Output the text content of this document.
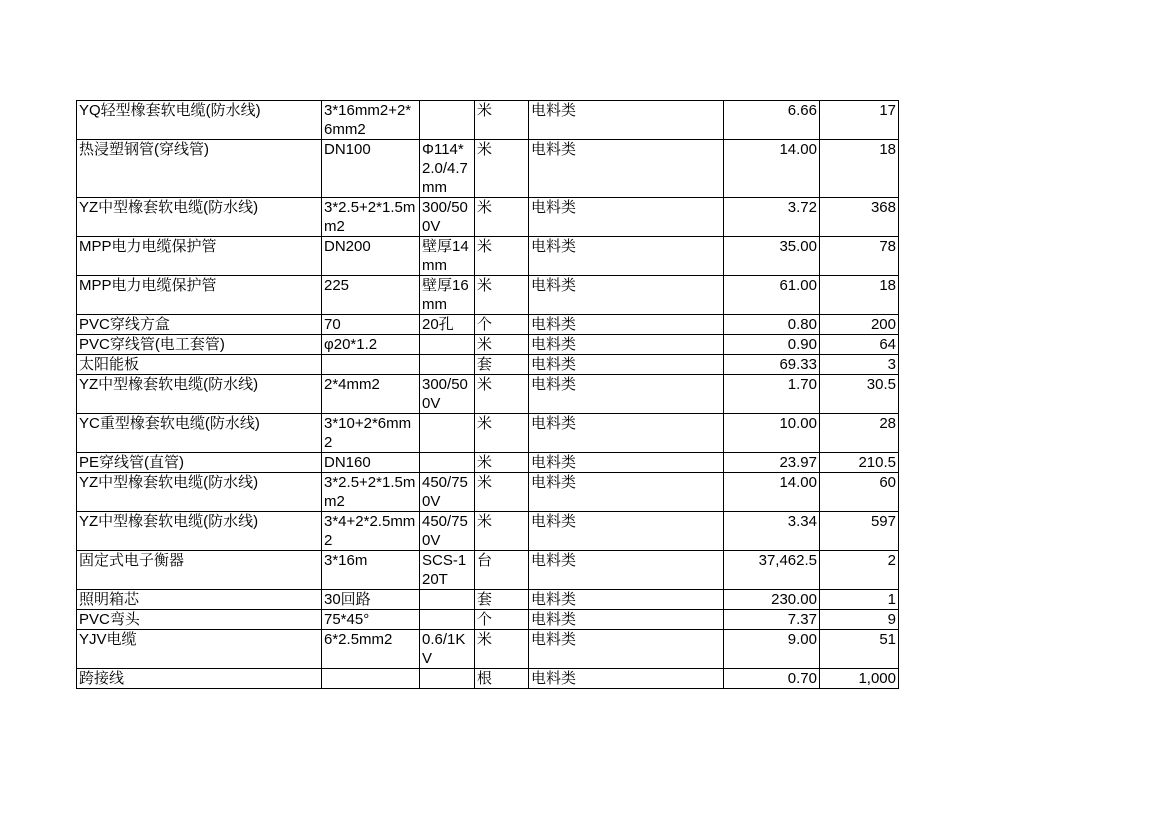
YQ轻型橡套软电缆(防水线)	3*16mm2+2*6mm2		米	电料类	6.66	17
热浸塑钢管(穿线管)	DN100	Φ114*2.0/4.7mm	米	电料类	14.00	18
YZ中型橡套软电缆(防水线)	3*2.5+2*1.5mm2	300/500V	米	电料类	3.72	368
MPP电力电缆保护管	DN200	壁厚14mm	米	电料类	35.00	78
MPP电力电缆保护管	225	壁厚16mm	米	电料类	61.00	18
PVC穿线方盒	70	20孔	个	电料类	0.80	200
PVC穿线管(电工套管)	φ20*1.2		米	电料类	0.90	64
太阳能板			套	电料类	69.33	3
YZ中型橡套软电缆(防水线)	2*4mm2	300/500V	米	电料类	1.70	30.5
YC重型橡套软电缆(防水线)	3*10+2*6mm2		米	电料类	10.00	28
PE穿线管(直管)	DN160		米	电料类	23.97	210.5
YZ中型橡套软电缆(防水线)	3*2.5+2*1.5mm2	450/750V	米	电料类	14.00	60
YZ中型橡套软电缆(防水线)	3*4+2*2.5mm2	450/750V	米	电料类	3.34	597
固定式电子衡器	3*16m	SCS-120T	台	电料类	37,462.5	2
照明箱芯	30回路		套	电料类	230.00	1
PVC弯头	75*45°		个	电料类	7.37	9
YJV电缆	6*2.5mm2	0.6/1KV	米	电料类	9.00	51
跨接线			根	电料类	0.70	1,000
